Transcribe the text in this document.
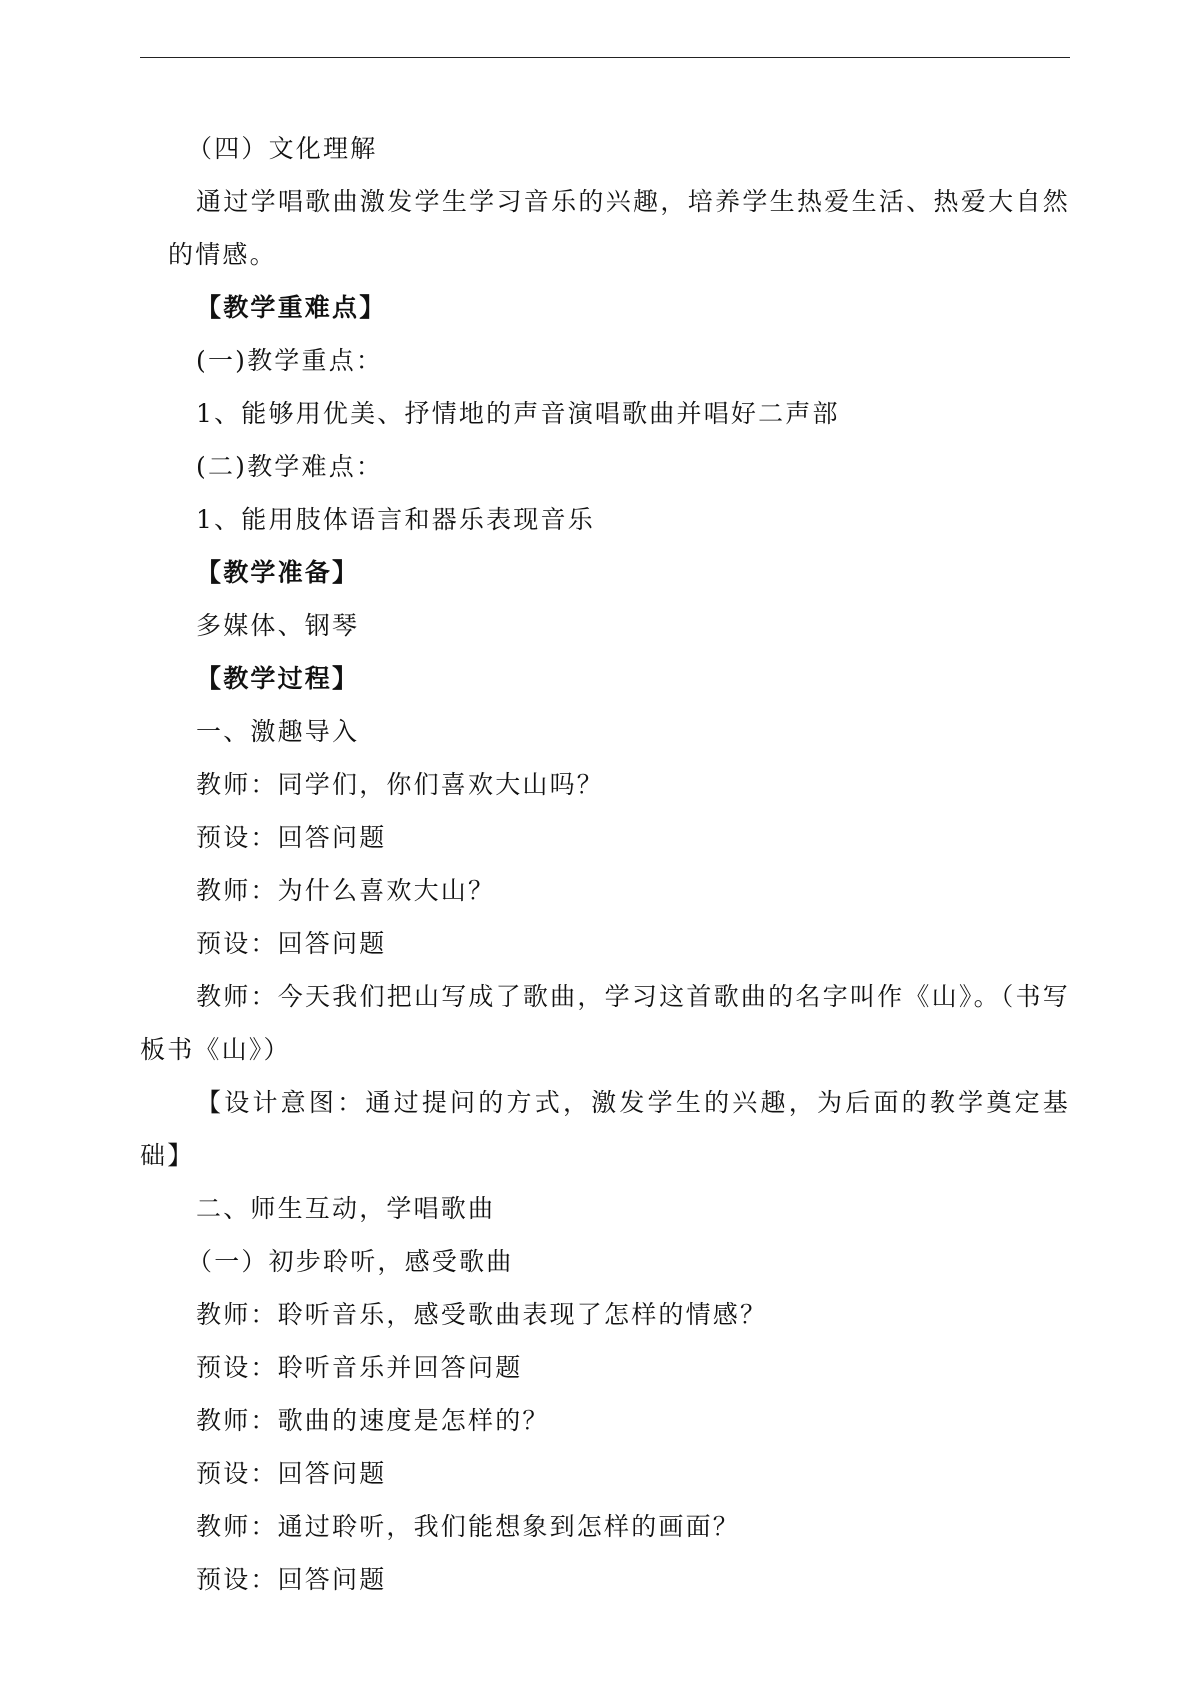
（四）文化理解

通过学唱歌曲激发学生学习音乐的兴趣，培养学生热爱生活、热爱大自然的情感。

【教学重难点】

(一)教学重点：

1、能够用优美、抒情地的声音演唱歌曲并唱好二声部

(二)教学难点：

1、能用肢体语言和器乐表现音乐

【教学准备】

多媒体、钢琴

【教学过程】

一、激趣导入

教师：同学们，你们喜欢大山吗？

预设：回答问题

教师：为什么喜欢大山？

预设：回答问题

教师：今天我们把山写成了歌曲，学习这首歌曲的名字叫作《山》。（书写板书《山》）

【设计意图：通过提问的方式，激发学生的兴趣，为后面的教学奠定基础】

二、师生互动，学唱歌曲

（一）初步聆听，感受歌曲

教师：聆听音乐，感受歌曲表现了怎样的情感？

预设：聆听音乐并回答问题

教师：歌曲的速度是怎样的？

预设：回答问题

教师：通过聆听，我们能想象到怎样的画面？

预设：回答问题
